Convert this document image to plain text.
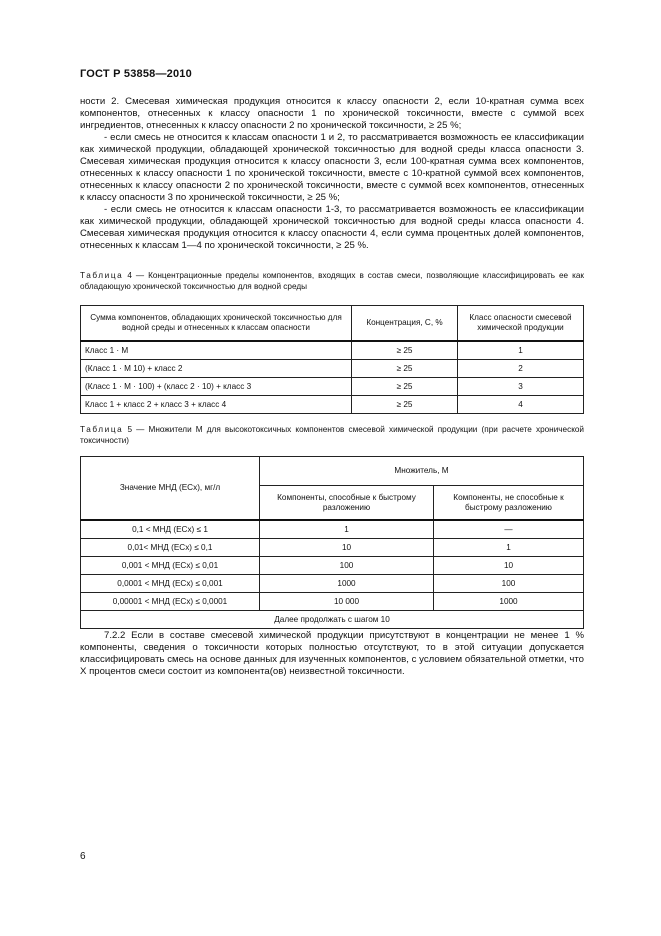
ГОСТ Р 53858—2010

ности 2. Смесевая химическая продукция относится к классу опасности 2, если 10-кратная сумма всех компонентов, отнесенных к классу опасности 1 по хронической токсичности, вместе с суммой всех ингредиентов, отнесенных к классу опасности 2 по хронической токсичности, ≥ 25 %;

- если смесь не относится к классам опасности 1 и 2, то рассматривается возможность ее классификации как химической продукции, обладающей хронической токсичностью для водной среды класса опасности 3. Смесевая химическая продукция относится к классу опасности 3, если 100-кратная сумма всех компонентов, отнесенных к классу опасности 1 по хронической токсичности, вместе с 10-кратной суммой всех компонентов, отнесенных к классу опасности 2 по хронической токсичности, вместе с суммой всех компонентов, отнесенных к классу опасности 3 по хронической токсичности, ≥ 25 %;

- если смесь не относится к классам опасности 1-3, то рассматривается возможность ее классификации как химической продукции, обладающей хронической токсичностью для водной среды класса опасности 4. Смесевая химическая продукция относится к классу опасности 4, если сумма процентных долей компонентов, отнесенных к классам 1—4 по хронической токсичности, ≥ 25 %.

Таблица 4 — Концентрационные пределы компонентов, входящих в состав смеси, позволяющие классифицировать ее как обладающую хронической токсичностью для водной среды
Сумма компонентов, обладающих хронической токсичностью для водной среды и отнесенных к классам опасности	Концентрация, С, %	Класс опасности смесевой химической продукции
Класс 1 · М	≥ 25	1
(Класс 1 · М 10) + класс 2	≥ 25	2
(Класс 1 · М · 100) + (класс 2 · 10) + класс 3	≥ 25	3
Класс 1 + класс 2 + класс 3 + класс 4	≥ 25	4
Таблица 5 — Множители М для высокотоксичных компонентов смесевой химической продукции (при расчете хронической токсичности)
Значение МНД (ЕСх), мг/л	Множитель, М	
	Компоненты, способные к быстрому разложению	Компоненты, не способные к быстрому разложению
0,1 < МНД (ЕСх) ≤ 1	1	—
0,01< МНД (ЕСх) ≤ 0,1	10	1
0,001 < МНД (ЕСх) ≤ 0,01	100	10
0,0001 < МНД (ЕСх) ≤ 0,001	1000	100
0,00001 < МНД (ЕСх) ≤ 0,0001	10 000	1000
Далее продолжать с шагом 10		

7.2.2 Если в составе смесевой химической продукции присутствуют в концентрации не менее 1 % компоненты, сведения о токсичности которых полностью отсутствуют, то в этой ситуации допускается классифицировать смесь на основе данных для изученных компонентов, с условием обязательной отметки, что Х процентов смеси состоит из компонента(ов) неизвестной токсичности.

6
